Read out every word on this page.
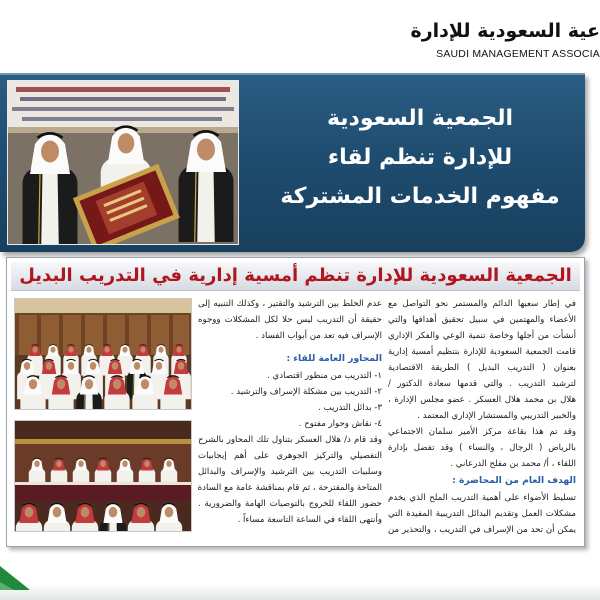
عية السعودية للإدارة
SAUDI MANAGEMENT ASSOCIA
الجمعية السعودية
للإدارة تنظم لقاء
مفهوم الخدمات المشتركة
الجمعية السعودية للإدارة تنظم أمسية إدارية في التدريب البديل
عدم الخلط بين الترشيد والتقتير ، وكذلك التنبيه إلى
حقيقة أن التدريب ليس حلا لكل المشكلات ووجوه
الإسراف فيه تعد من أبواب الفساد .
المحاور العامة للقاء :
١- التدريب من منظور اقتصادي .
٢- التدريب بين مشكلة الإسراف والترشيد .
٣- بدائل التدريب .
٤- نقاش وحوار مفتوح .
وقد قام د/ هلال العسكر بتناول تلك المحاور بالشرح
التفصيلي والتركيز الجوهري على أهم إيجابيات
وسلبيات التدريب بين الترشيد والإسراف والبدائل
المتاحة والمقترحة ، ثم قام بمناقشة عامة مع السادة
حضور اللقاء للخروج بالتوصيات الهامة والضرورية .
وأنتهى اللقاء في الساعة التاسعة مساءاً .
في إطار سعيها الدائم والمستمر نحو التواصل مع
الأعضاء والمهتمين في سبيل تحقيق أهدافها والتي
أنشأت من أجلها وخاصة تنمية الوعي والفكر الإداري
قامت الجمعية السعودية للإدارة بتنظيم أمسية إدارية
بعنوان ( التدريب البديل ) الطريقة الاقتصادية
لترشيد التدريب . والتي قدمها سعادة الدكتور /
هلال بن محمد هلال العسكر . عضو مجلس الإدارة ،
والخبير التدريبي والمستشار الإداري المعتمد .
وقد تم هذا بقاعة مركز الأمير سلمان الاجتماعي
بالرياض ( الرجال ، والنساء ) وقد تفضل بإدارة
اللقاء ، أ/ محمد بن مفلح الدرعاني .
الهدف العام من المحاضرة :
تسليط الأضواء على أهمية التدريب الملح الذي يخدم
مشكلات العمل وتقديم البدائل التدريبية المفيدة التي
يمكن أن تحد من الإسراف في التدريب ، والتحذير من
